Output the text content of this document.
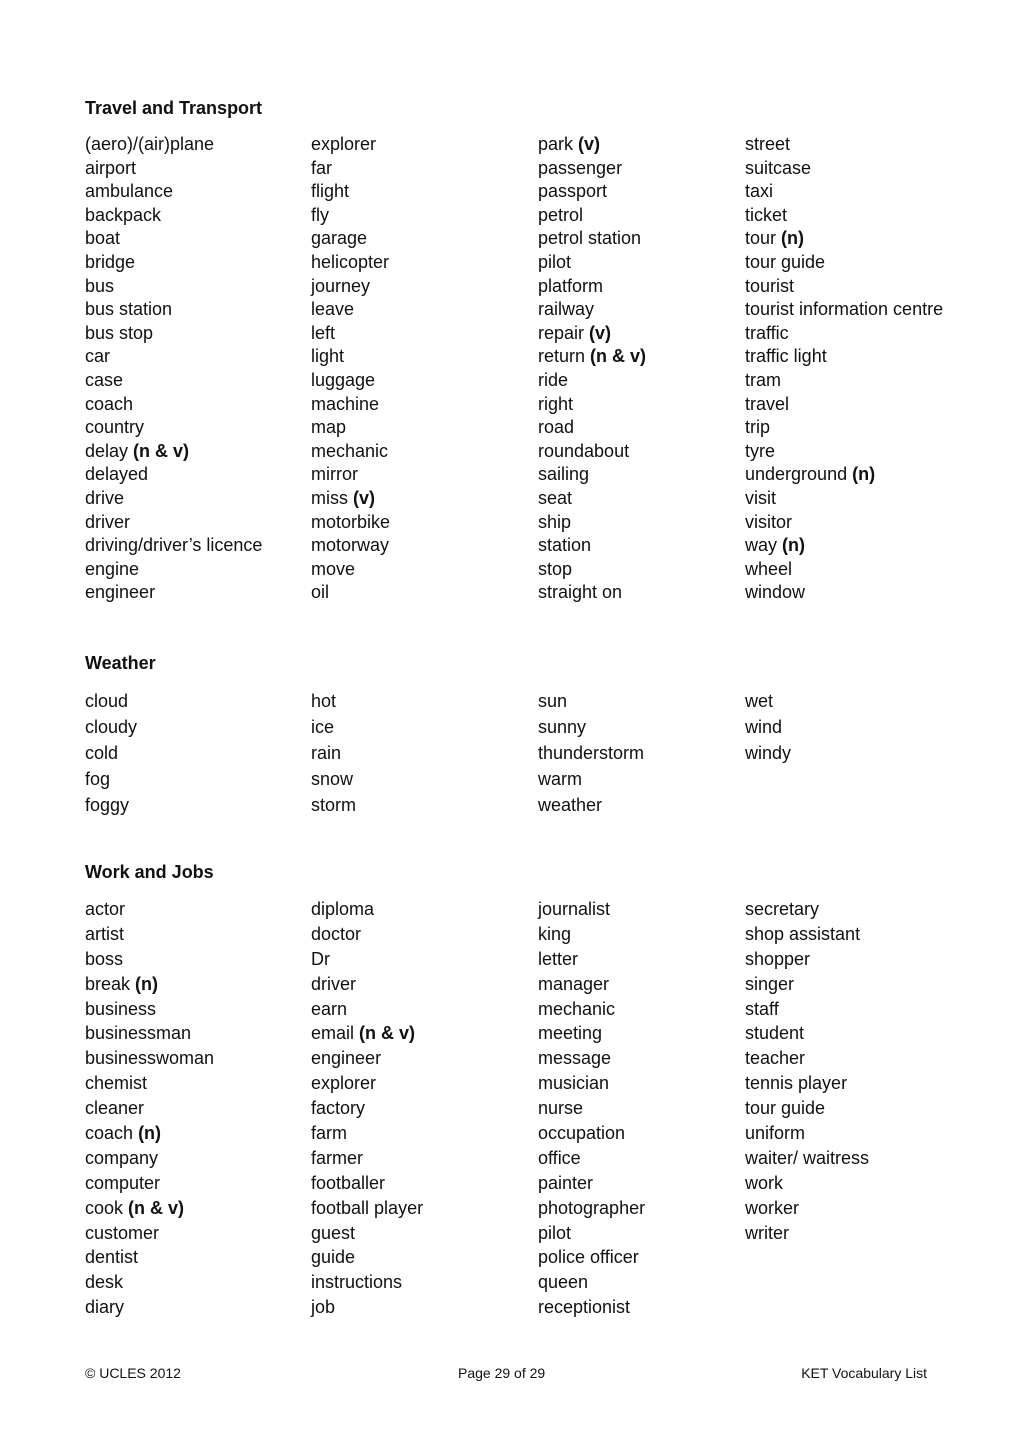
Travel and Transport
(aero)/(air)plane
airport
ambulance
backpack
boat
bridge
bus
bus station
bus stop
car
case
coach
country
delay (n & v)
delayed
drive
driver
driving/driver’s licence
engine
engineer
explorer
far
flight
fly
garage
helicopter
journey
leave
left
light
luggage
machine
map
mechanic
mirror
miss (v)
motorbike
motorway
move
oil
park (v)
passenger
passport
petrol
petrol station
pilot
platform
railway
repair (v)
return (n & v)
ride
right
road
roundabout
sailing
seat
ship
station
stop
straight on
street
suitcase
taxi
ticket
tour (n)
tour guide
tourist
tourist information centre
traffic
traffic light
tram
travel
trip
tyre
underground (n)
visit
visitor
way (n)
wheel
window
Weather
cloud
cloudy
cold
fog
foggy
hot
ice
rain
snow
storm
sun
sunny
thunderstorm
warm
weather
wet
wind
windy
Work and Jobs
actor
artist
boss
break (n)
business
businessman
businesswoman
chemist
cleaner
coach (n)
company
computer
cook (n & v)
customer
dentist
desk
diary
diploma
doctor
Dr
driver
earn
email (n & v)
engineer
explorer
factory
farm
farmer
footballer
football player
guest
guide
instructions
job
journalist
king
letter
manager
mechanic
meeting
message
musician
nurse
occupation
office
painter
photographer
pilot
police officer
queen
receptionist
secretary
shop assistant
shopper
singer
staff
student
teacher
tennis player
tour guide
uniform
waiter/ waitress
work
worker
writer
© UCLES 2012	Page 29 of 29	KET Vocabulary List
